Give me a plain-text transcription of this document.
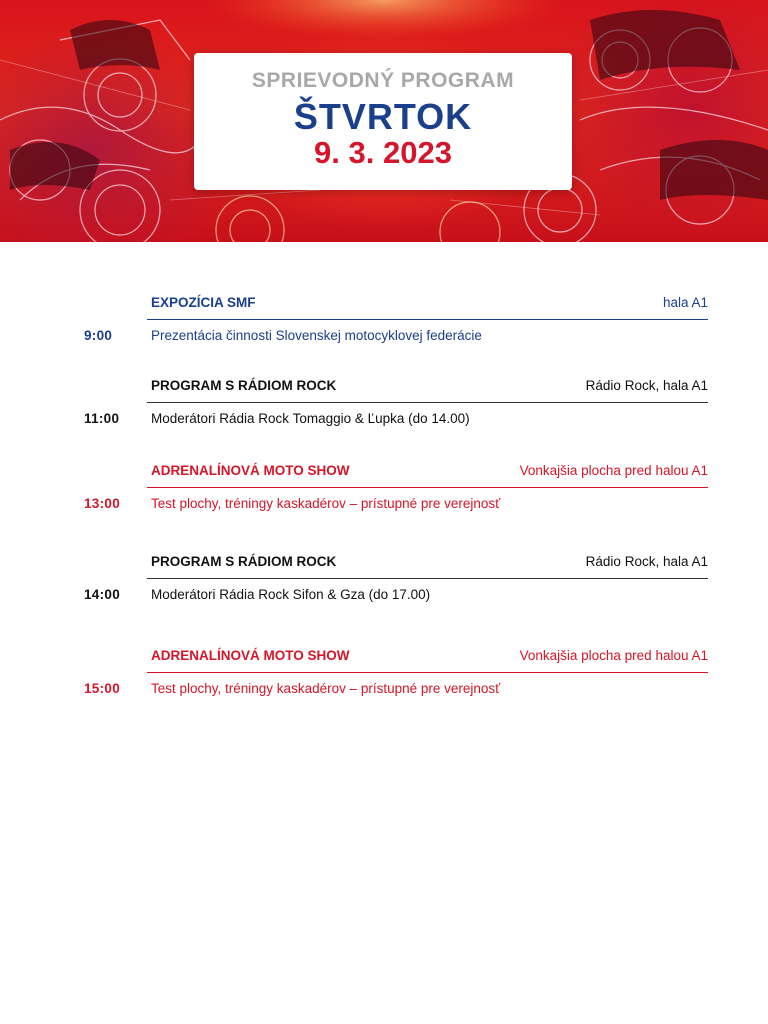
SPRIEVODNÝ PROGRAM
ŠTVRTOK
9. 3. 2023
EXPOZÍCIA SMF	hala A1
9:00	Prezentácia činnosti Slovenskej motocyklovej federácie
PROGRAM S RÁDIOM ROCK	Rádio Rock, hala A1
11:00 Moderátori Rádia Rock Tomaggio & Ľupka (do 14.00)
ADRENALÍNOVÁ MOTO SHOW	Vonkajšia plocha pred halou A1
13:00 Test plochy, tréningy kaskadérov – prístupné pre verejnosť
PROGRAM S RÁDIOM ROCK	Rádio Rock, hala A1
14:00 Moderátori Rádia Rock Sifon & Gza (do 17.00)
ADRENALÍNOVÁ MOTO SHOW	Vonkajšia plocha pred halou A1
15:00 Test plochy, tréningy kaskadérov – prístupné pre verejnosť
